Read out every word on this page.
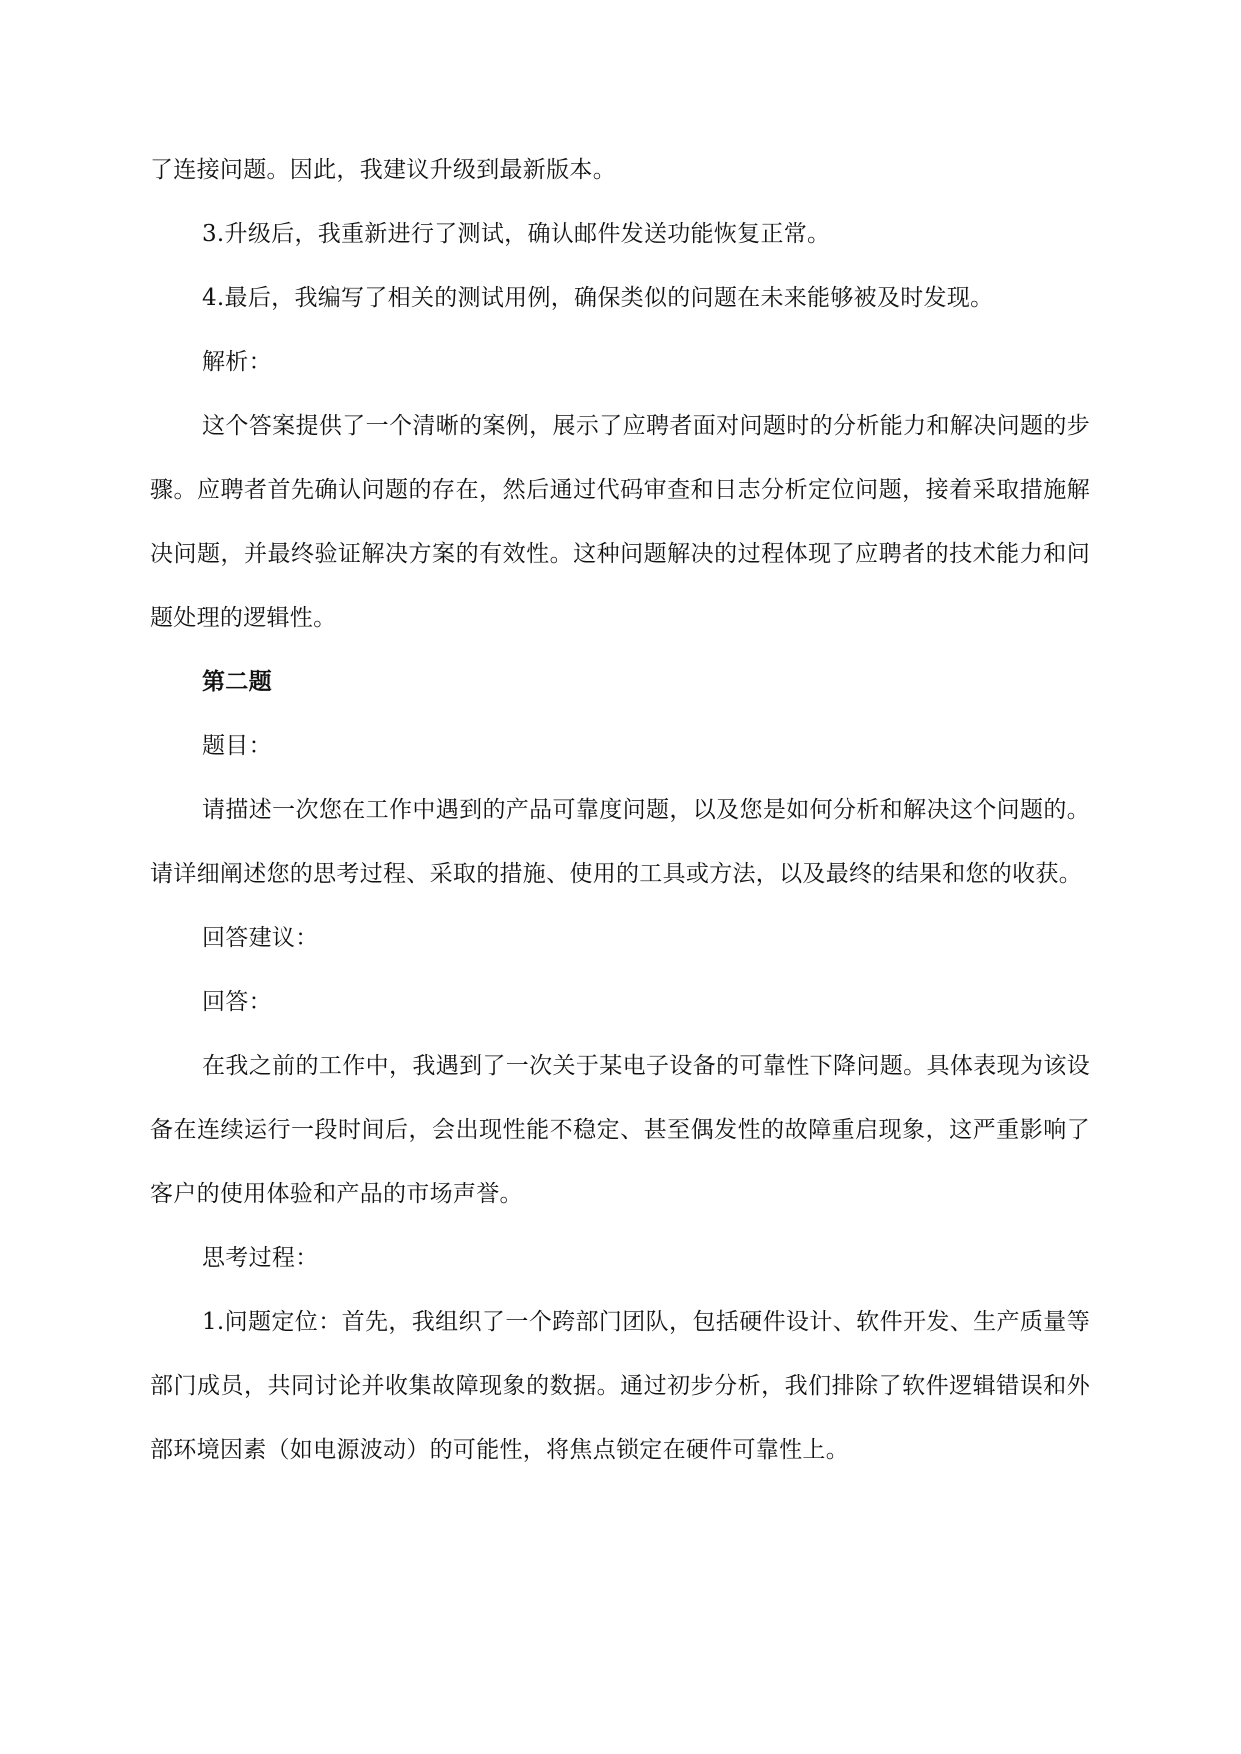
了连接问题。因此，我建议升级到最新版本。

3.升级后，我重新进行了测试，确认邮件发送功能恢复正常。

4.最后，我编写了相关的测试用例，确保类似的问题在未来能够被及时发现。

解析：

这个答案提供了一个清晰的案例，展示了应聘者面对问题时的分析能力和解决问题的步骤。应聘者首先确认问题的存在，然后通过代码审查和日志分析定位问题，接着采取措施解决问题，并最终验证解决方案的有效性。这种问题解决的过程体现了应聘者的技术能力和问题处理的逻辑性。

第二题

题目：

请描述一次您在工作中遇到的产品可靠度问题，以及您是如何分析和解决这个问题的。请详细阐述您的思考过程、采取的措施、使用的工具或方法，以及最终的结果和您的收获。

回答建议：

回答：

在我之前的工作中，我遇到了一次关于某电子设备的可靠性下降问题。具体表现为该设备在连续运行一段时间后，会出现性能不稳定、甚至偶发性的故障重启现象，这严重影响了客户的使用体验和产品的市场声誉。

思考过程：

1.问题定位：首先，我组织了一个跨部门团队，包括硬件设计、软件开发、生产质量等部门成员，共同讨论并收集故障现象的数据。通过初步分析，我们排除了软件逻辑错误和外部环境因素（如电源波动）的可能性，将焦点锁定在硬件可靠性上。
